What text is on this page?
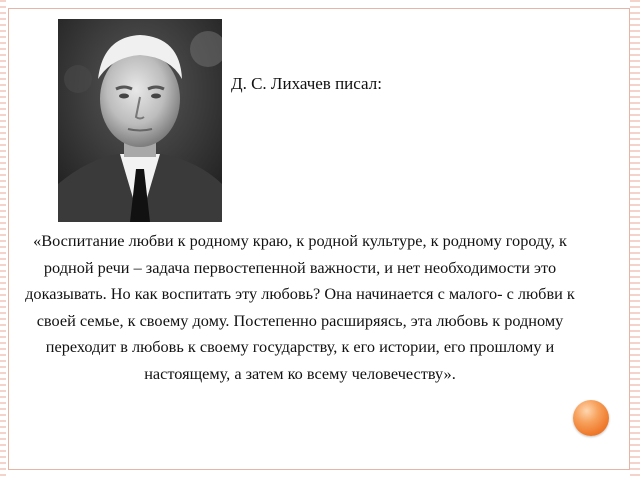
Д. С. Лихачев писал:
«Воспитание любви к родному краю, к родной культуре, к родному городу, к родной речи – задача первостепенной важности, и нет необходимости это доказывать. Но как воспитать эту любовь? Она начинается с малого- с любви к своей семье, к своему дому. Постепенно расширяясь, эта любовь к родному переходит в любовь к своему государству, к его истории, его прошлому и настоящему, а затем ко всему человечеству».
